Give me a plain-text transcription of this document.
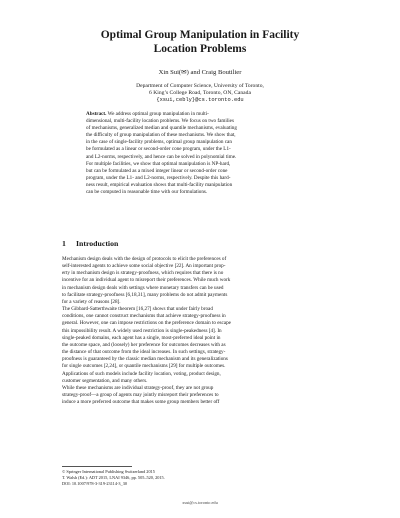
Optimal Group Manipulation in Facility
Location Problems
Xin Sui(✉) and Craig Boutilier
Department of Computer Science, University of Toronto,
6 King’s College Road, Toronto, ON, Canada
{xsui,cebly}@cs.toronto.edu
Abstract. We address optimal group manipulation in multi-
dimensional, multi-facility location problems. We focus on two families
of mechanisms, generalized median and quantile mechanisms, evaluating
the difficulty of group manipulation of these mechanisms. We show that,
in the case of single-facility problems, optimal group manipulation can
be formulated as a linear or second-order cone program, under the L1-
and L2-norms, respectively, and hence can be solved in polynomial time.
For multiple facilities, we show that optimal manipulation is NP-hard,
but can be formulated as a mixed integer linear or second-order cone
program, under the L1- and L2-norms, respectively. Despite this hard-
ness result, empirical evaluation shows that multi-facility manipulation
can be computed in reasonable time with our formulations.
1 Introduction
Mechanism design deals with the design of protocols to elicit the preferences of
self-interested agents to achieve some social objective [22]. An important prop-
erty in mechanism design is strategy-proofness, which requires that there is no
incentive for an individual agent to misreport their preferences. While much work
in mechanism design deals with settings where monetary transfers can be used
to facilitate strategy-proofness [6,18,31], many problems do not admit payments
for a variety of reasons [28].
The Gibbard-Satterthwaite theorem [16,27] shows that under fairly broad
conditions, one cannot construct mechanisms that achieve strategy-proofness in
general. However, one can impose restrictions on the preference domain to escape
this impossibility result. A widely used restriction is single-peakedness [4]. In
single-peaked domains, each agent has a single, most-preferred ideal point in
the outcome space, and (loosely) her preference for outcomes decreases with as
the distance of that outcome from the ideal increases. In such settings, strategy-
proofness is guaranteed by the classic median mechanism and its generalizations
for single outcomes [2,24], or quantile mechanisms [29] for multiple outcomes.
Applications of such models include facility location, voting, product design,
customer segmentation, and many others.
While these mechanisms are individual strategy-proof, they are not group
strategy-proof—a group of agents may jointly misreport their preferences to
induce a more preferred outcome that makes some group members better off
© Springer International Publishing Switzerland 2015
T. Walsh (Ed.): ADT 2015, LNAI 9346, pp. 505–520, 2015.
DOI: 10.1007/978-3-319-23114-3_30
xsui@cs.toronto.edu
